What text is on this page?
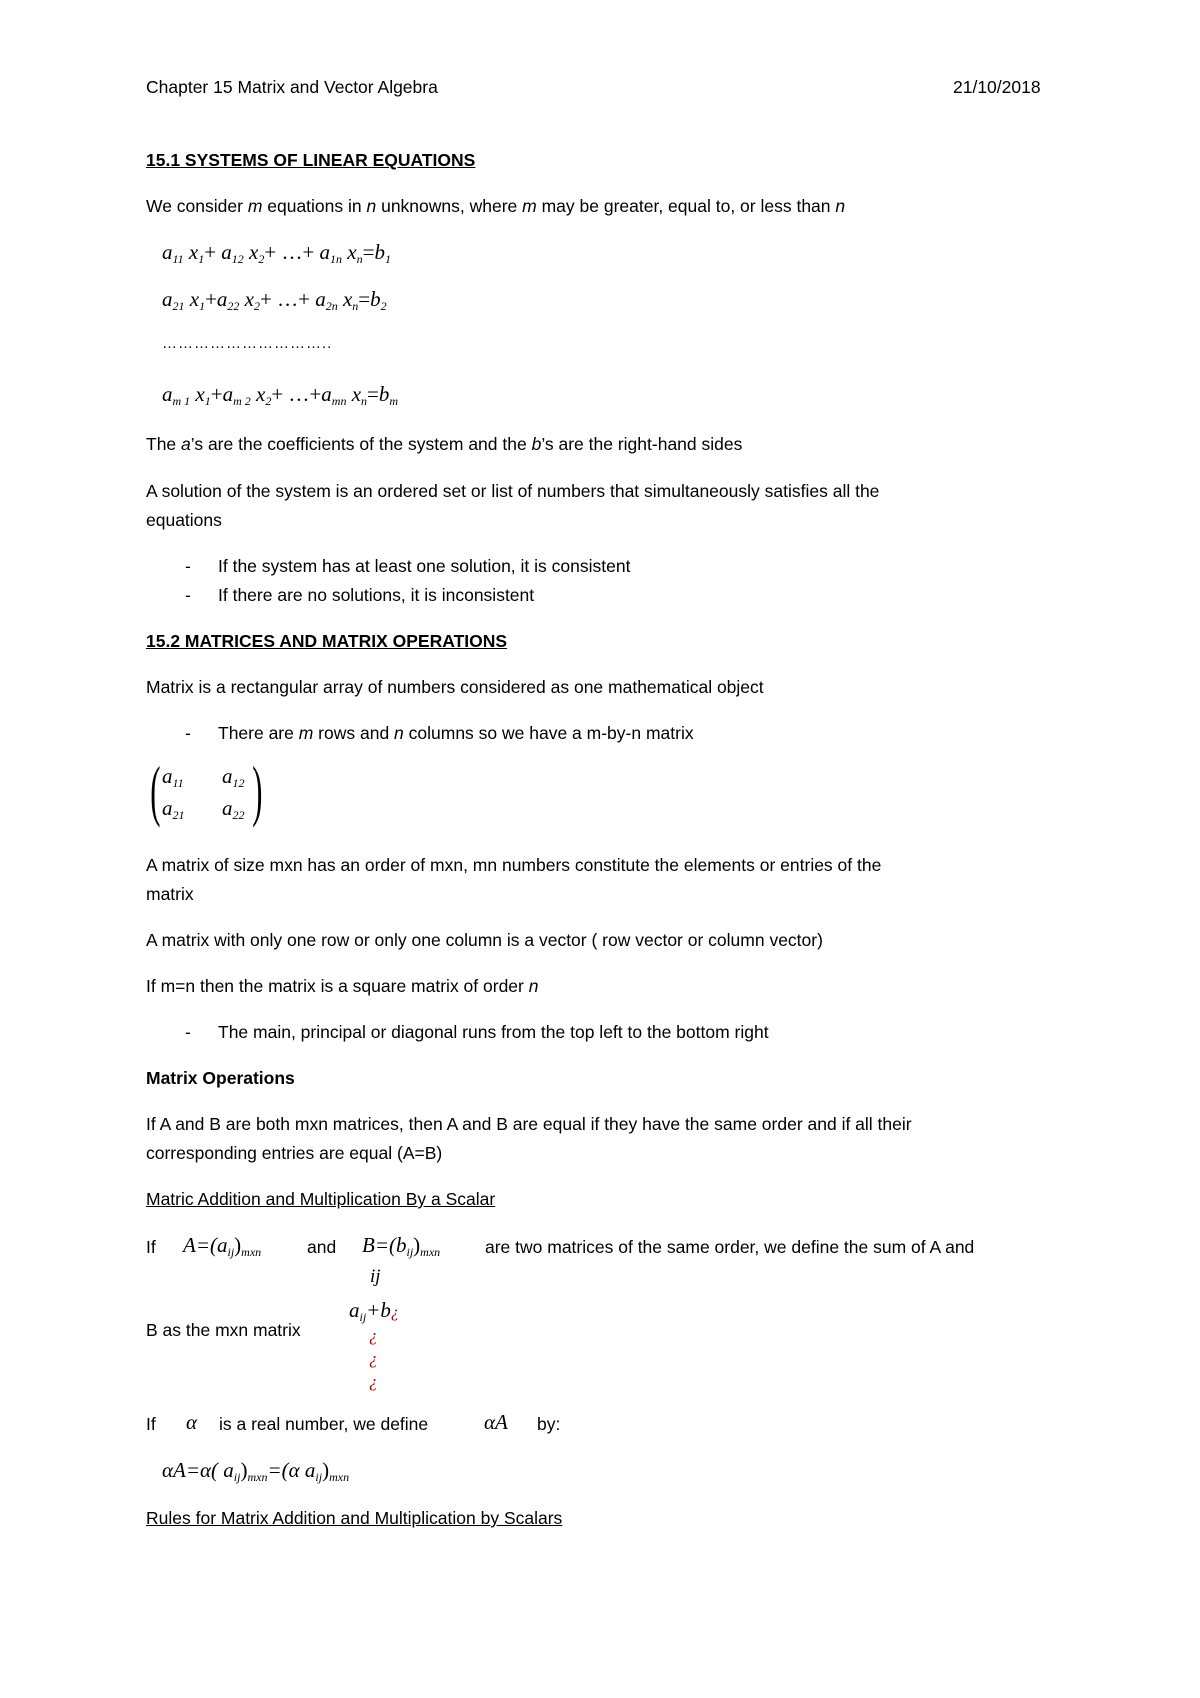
Chapter 15 Matrix and Vector Algebra	21/10/2018
15.1 SYSTEMS OF LINEAR EQUATIONS
We consider m equations in n unknowns, where m may be greater, equal to, or less than n
$a_{11}$ $x_1+ a_{12}$ $x_2+$ …+ $a_{1n}$ $x_n=b_1$
$a_{21}$ $x_1+a_{22}$ $x_2+$ …+ $a_{2n}$ $x_n=b_2$
…………………………..
$a_{m 1}$ $x_1+a_{m 2}$ $x_2+$ $\dots+a_{mn}$ $x_n=b_m$
The a’s are the coefficients of the system and the b’s are the right-hand sides
A solution of the system is an ordered set or list of numbers that simultaneously satisfies all the
equations
- If the system has at least one solution, it is consistent
- If there are no solutions, it is inconsistent
15.2 MATRICES AND MATRIX OPERATIONS
Matrix is a rectangular array of numbers considered as one mathematical object
- There are m rows and n columns so we have a m-by-n matrix
( )
$a_{11}$ $a_{12}$
$a_{21}$ $a_{22}$
A matrix of size mxn has an order of mxn, mn numbers constitute the elements or entries of the
matrix
A matrix with only one row or only one column is a vector ( row vector or column vector)
If m=n then the matrix is a square matrix of order n
- The main, principal or diagonal runs from the top left to the bottom right
Matrix Operations
If A and B are both mxn matrices, then A and B are equal if they have the same order and if all their
corresponding entries are equal (A=B)
Matric Addition and Multiplication By a Scalar
If $A=(a_{ij})_{mxn}$	and $B=(b_{ij})_{mxn}$	are two matrices of the same order, we define the sum of A and
ij
B as the mxn matrix
$a_{ij}+b¿$
¿
¿
¿
If α is a real number, we define	αA by:
αA=α( $a_{ij})_{mxn}=(\alpha$ $a_{ij})_{mxn}$
Rules for Matrix Addition and Multiplication by Scalars
